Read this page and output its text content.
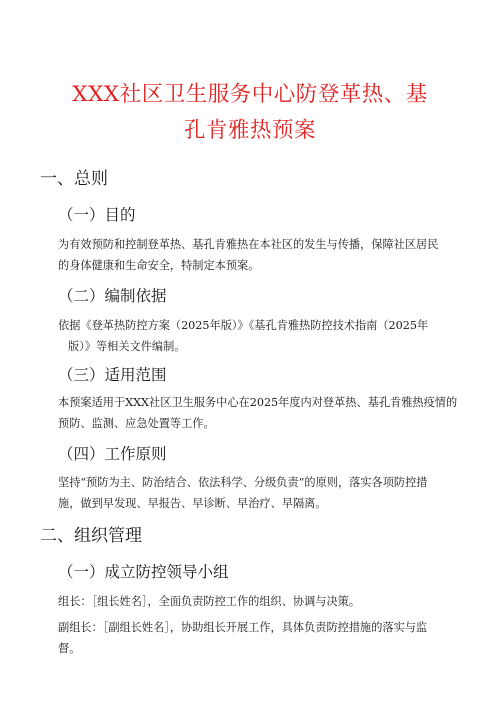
XXX社区卫生服务中心防登革热、基
孔肯雅热预案
一、总则
（一）目的

为有效预防和控制登革热、基孔肯雅热在本社区的发生与传播，保障社区居民
的身体健康和生命安全，特制定本预案。

（二）编制依据

依据《登革热防控方案（2025年版）》《基孔肯雅热防控技术指南（2025年
版）》等相关文件编制。

（三）适用范围

本预案适用于XXX社区卫生服务中心在2025年度内对登革热、基孔肯雅热疫情的
预防、监测、应急处置等工作。

（四）工作原则

坚持“预防为主、防治结合、依法科学、分级负责”的原则，落实各项防控措
施，做到早发现、早报告、早诊断、早治疗、早隔离。

二、组织管理
（一）成立防控领导小组

组长：［组长姓名］，全面负责防控工作的组织、协调与决策。
副组长：［副组长姓名］，协助组长开展工作，具体负责防控措施的落实与监
督。
